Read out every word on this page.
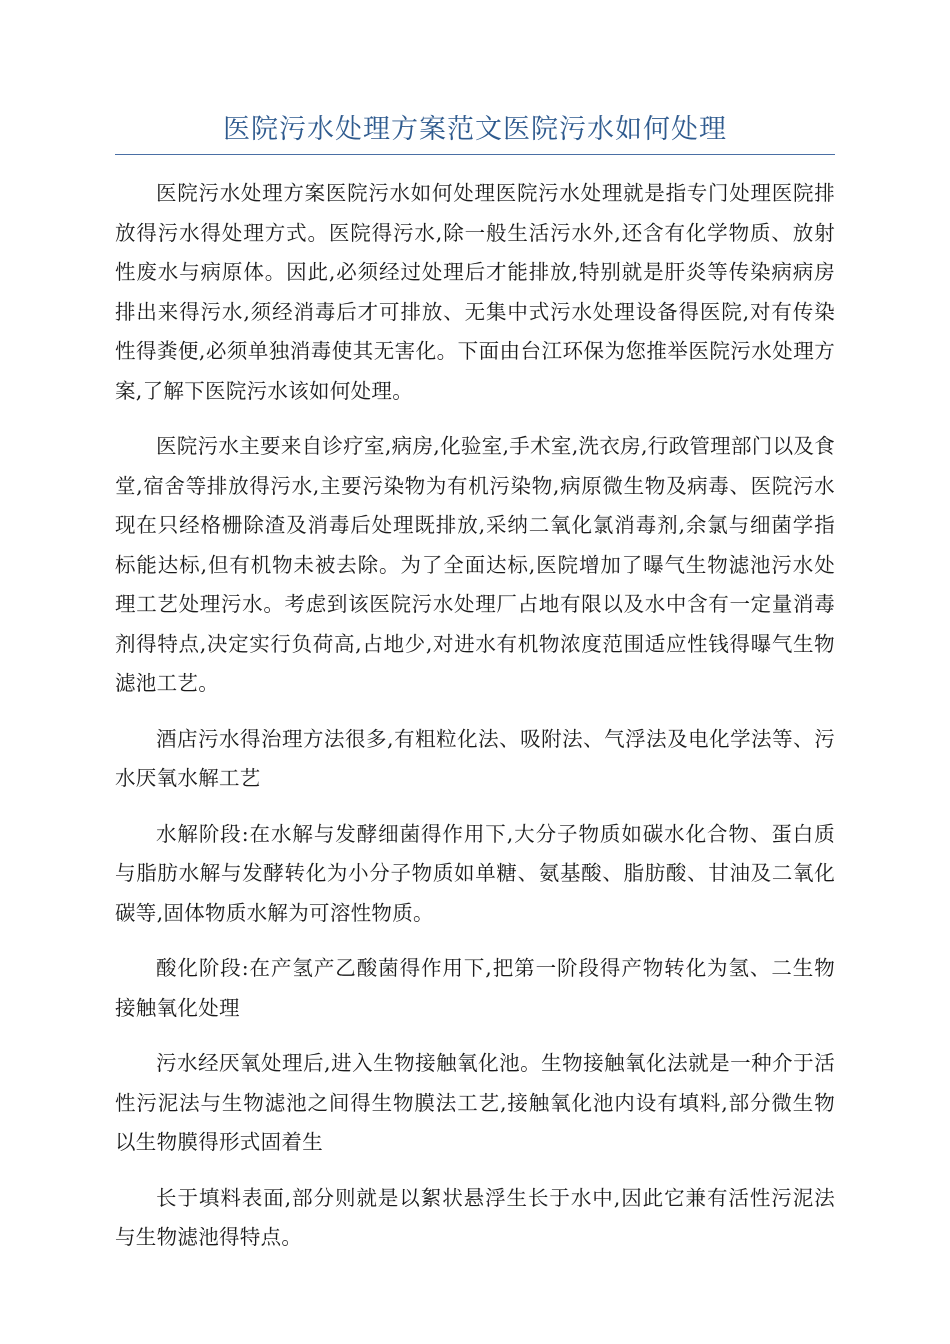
医院污水处理方案范文医院污水如何处理

医院污水处理方案医院污水如何处理医院污水处理就是指专门处理医院排放得污水得处理方式。医院得污水,除一般生活污水外,还含有化学物质、放射性废水与病原体。因此,必须经过处理后才能排放,特别就是肝炎等传染病病房排出来得污水,须经消毒后才可排放、无集中式污水处理设备得医院,对有传染性得粪便,必须单独消毒使其无害化。下面由台江环保为您推举医院污水处理方案,了解下医院污水该如何处理。

医院污水主要来自诊疗室,病房,化验室,手术室,洗衣房,行政管理部门以及食堂,宿舍等排放得污水,主要污染物为有机污染物,病原微生物及病毒、医院污水现在只经格栅除渣及消毒后处理既排放,采纳二氧化氯消毒剂,余氯与细菌学指标能达标,但有机物未被去除。为了全面达标,医院增加了曝气生物滤池污水处理工艺处理污水。考虑到该医院污水处理厂占地有限以及水中含有一定量消毒剂得特点,决定实行负荷高,占地少,对进水有机物浓度范围适应性钱得曝气生物滤池工艺。

酒店污水得治理方法很多,有粗粒化法、吸附法、气浮法及电化学法等、污水厌氧水解工艺

水解阶段:在水解与发酵细菌得作用下,大分子物质如碳水化合物、蛋白质与脂肪水解与发酵转化为小分子物质如单糖、氨基酸、脂肪酸、甘油及二氧化碳等,固体物质水解为可溶性物质。

酸化阶段:在产氢产乙酸菌得作用下,把第一阶段得产物转化为氢、二生物接触氧化处理

污水经厌氧处理后,进入生物接触氧化池。生物接触氧化法就是一种介于活性污泥法与生物滤池之间得生物膜法工艺,接触氧化池内设有填料,部分微生物以生物膜得形式固着生

长于填料表面,部分则就是以絮状悬浮生长于水中,因此它兼有活性污泥法与生物滤池得特点。
